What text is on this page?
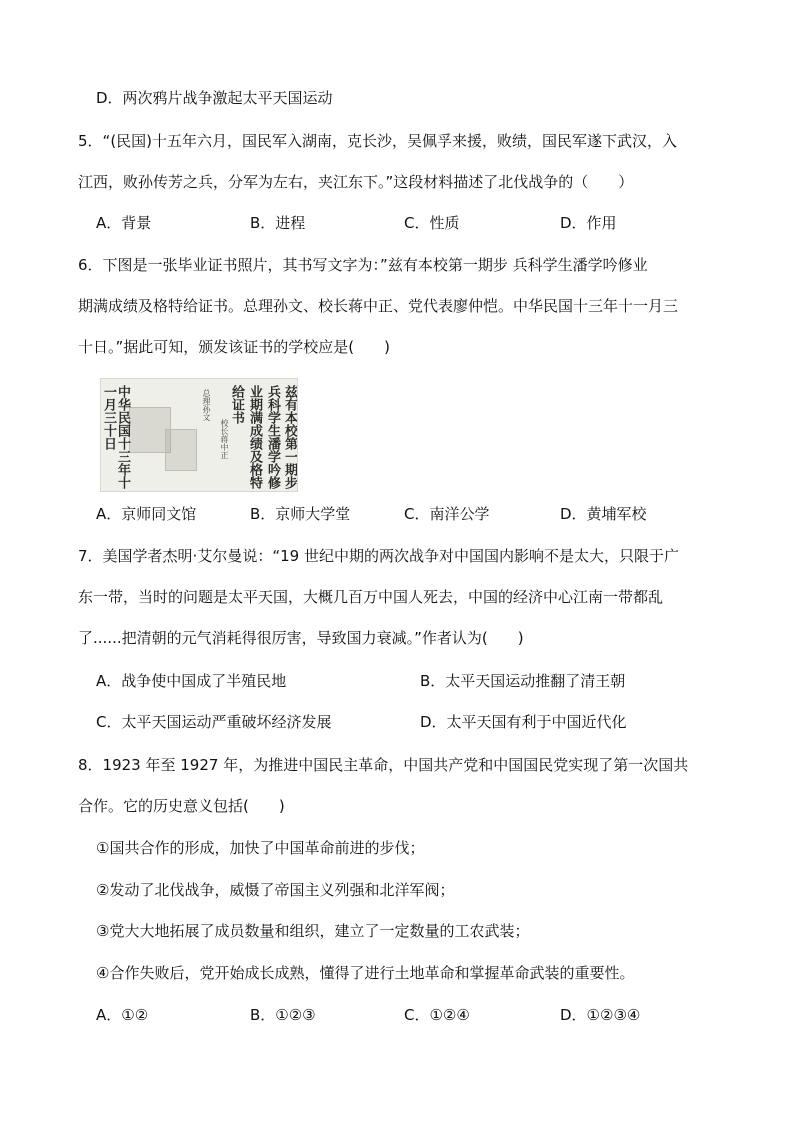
D．两次鸦片战争激起太平天国运动
5．“(民国)十五年六月，国民军入湖南，克长沙，吴佩孚来援，败绩，国民军遂下武汉，入
江西，败孙传芳之兵，分军为左右，夹江东下。”这段材料描述了北伐战争的（　　）
A．背景	B．进程	C．性质	D．作用
6．下图是一张毕业证书照片，其书写文字为：”兹有本校第一期步 兵科学生潘学吟修业
期满成绩及格特给证书。总理孙文、校长蒋中正、党代表廖仲恺。中华民国十三年十一月三
十日。”据此可知，颁发该证书的学校应是(　　)
中华民国十三年十一月三十日	总理孙文
校长蒋中正
给证书 业期满成绩及格特 兵科学生潘学吟修 兹有本校第一期步
A．京师同文馆	B．京师大学堂	C．南洋公学	D．黄埔军校
7．美国学者杰明·艾尔曼说：“19 世纪中期的两次战争对中国国内影响不是太大，只限于广
东一带，当时的问题是太平天国，大概几百万中国人死去，中国的经济中心江南一带都乱
了......把清朝的元气消耗得很厉害，导致国力衰减。”作者认为(　　)
A．战争使中国成了半殖民地	B．太平天国运动推翻了清王朝
C．太平天国运动严重破坏经济发展	D．太平天国有利于中国近代化
8．1923 年至 1927 年，为推进中国民主革命，中国共产党和中国国民党实现了第一次国共
合作。它的历史意义包括(　　)
①国共合作的形成，加快了中国革命前进的步伐；
②发动了北伐战争，威慑了帝国主义列强和北洋军阀；
③党大大地拓展了成员数量和组织，建立了一定数量的工农武装；
④合作失败后，党开始成长成熟，懂得了进行土地革命和掌握革命武装的重要性。
A．①②	B．①②③	C．①②④	D．①②③④
